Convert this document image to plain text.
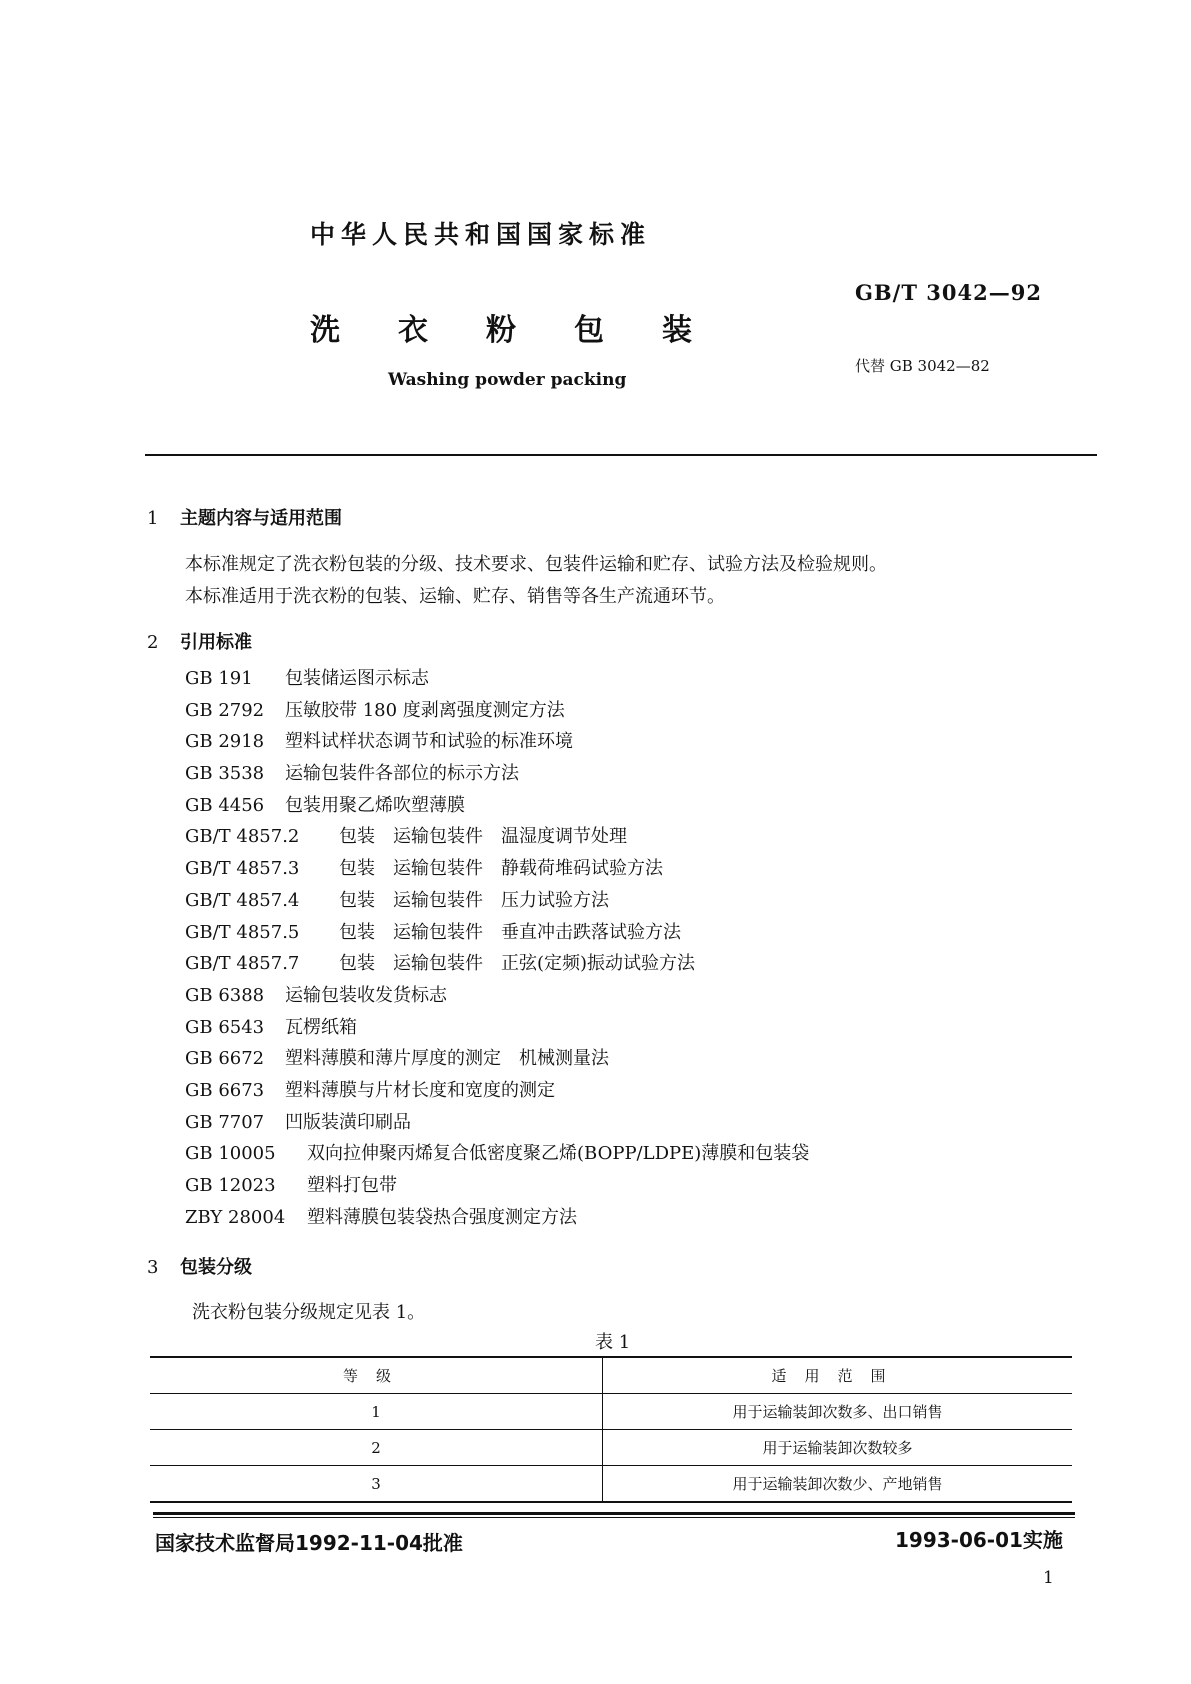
中华人民共和国国家标准
GB/T 3042—92
洗衣粉包装
代替 GB 3042—82
Washing powder packing
1 主题内容与适用范围
本标准规定了洗衣粉包装的分级、技术要求、包装件运输和贮存、试验方法及检验规则。
本标准适用于洗衣粉的包装、运输、贮存、销售等各生产流通环节。
2 引用标准
GB 191 包装储运图示标志
GB 2792 压敏胶带 180 度剥离强度测定方法
GB 2918 塑料试样状态调节和试验的标准环境
GB 3538 运输包装件各部位的标示方法
GB 4456 包装用聚乙烯吹塑薄膜
GB/T 4857.2 包装　运输包装件　温湿度调节处理
GB/T 4857.3 包装　运输包装件　静载荷堆码试验方法
GB/T 4857.4 包装　运输包装件　压力试验方法
GB/T 4857.5 包装　运输包装件　垂直冲击跌落试验方法
GB/T 4857.7 包装　运输包装件　正弦(定频)振动试验方法
GB 6388 运输包装收发货标志
GB 6543 瓦楞纸箱
GB 6672 塑料薄膜和薄片厚度的测定　机械测量法
GB 6673 塑料薄膜与片材长度和宽度的测定
GB 7707 凹版装潢印刷品
GB 10005 双向拉伸聚丙烯复合低密度聚乙烯(BOPP/LDPE)薄膜和包装袋
GB 12023 塑料打包带
ZBY 28004 塑料薄膜包装袋热合强度测定方法
3 包装分级
洗衣粉包装分级规定见表 1。
表 1
等级	适用范围
1	用于运输装卸次数多、出口销售
2	用于运输装卸次数较多
3	用于运输装卸次数少、产地销售
国家技术监督局1992-11-04批准	1993-06-01实施
1
